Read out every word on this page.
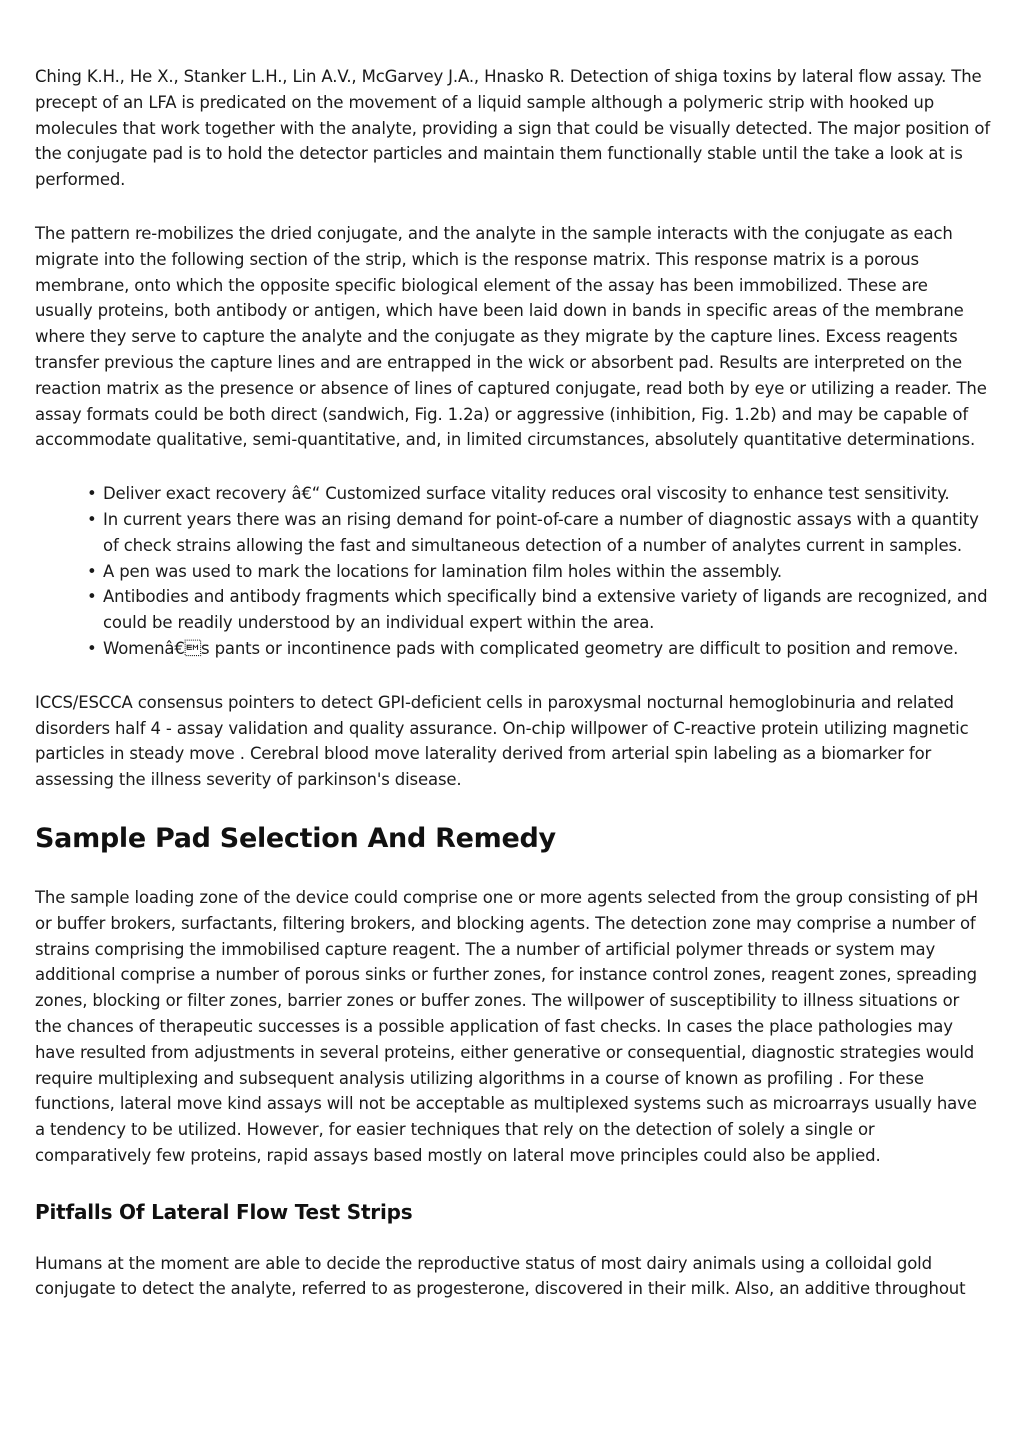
Ching K.H., He X., Stanker L.H., Lin A.V., McGarvey J.A., Hnasko R. Detection of shiga toxins by lateral flow assay. The precept of an LFA is predicated on the movement of a liquid sample although a polymeric strip with hooked up molecules that work together with the analyte, providing a sign that could be visually detected. The major position of the conjugate pad is to hold the detector particles and maintain them functionally stable until the take a look at is performed.

The pattern re-mobilizes the dried conjugate, and the analyte in the sample interacts with the conjugate as each migrate into the following section of the strip, which is the response matrix. This response matrix is a porous membrane, onto which the opposite specific biological element of the assay has been immobilized. These are usually proteins, both antibody or antigen, which have been laid down in bands in specific areas of the membrane where they serve to capture the analyte and the conjugate as they migrate by the capture lines. Excess reagents transfer previous the capture lines and are entrapped in the wick or absorbent pad. Results are interpreted on the reaction matrix as the presence or absence of lines of captured conjugate, read both by eye or utilizing a reader. The assay formats could be both direct (sandwich, Fig. 1.2a) or aggressive (inhibition, Fig. 1.2b) and may be capable of accommodate qualitative, semi-quantitative, and, in limited circumstances, absolutely quantitative determinations.

• Deliver exact recovery â€“ Customized surface vitality reduces oral viscosity to enhance test sensitivity.
• In current years there was an rising demand for point-of-care a number of diagnostic assays with a quantity of check strains allowing the fast and simultaneous detection of a number of analytes current in samples.
• A pen was used to mark the locations for lamination film holes within the assembly.
• Antibodies and antibody fragments which specifically bind a extensive variety of ligands are recognized, and could be readily understood by an individual expert within the area.
• Womenâ€s pants or incontinence pads with complicated geometry are difficult to position and remove.

ICCS/ESCCA consensus pointers to detect GPI-deficient cells in paroxysmal nocturnal hemoglobinuria and related disorders half 4 - assay validation and quality assurance. On-chip willpower of C-reactive protein utilizing magnetic particles in steady move . Cerebral blood move laterality derived from arterial spin labeling as a biomarker for assessing the illness severity of parkinson's disease.

Sample Pad Selection And Remedy

The sample loading zone of the device could comprise one or more agents selected from the group consisting of pH or buffer brokers, surfactants, filtering brokers, and blocking agents. The detection zone may comprise a number of strains comprising the immobilised capture reagent. The a number of artificial polymer threads or system may additional comprise a number of porous sinks or further zones, for instance control zones, reagent zones, spreading zones, blocking or filter zones, barrier zones or buffer zones. The willpower of susceptibility to illness situations or the chances of therapeutic successes is a possible application of fast checks. In cases the place pathologies may have resulted from adjustments in several proteins, either generative or consequential, diagnostic strategies would require multiplexing and subsequent analysis utilizing algorithms in a course of known as profiling . For these functions, lateral move kind assays will not be acceptable as multiplexed systems such as microarrays usually have a tendency to be utilized. However, for easier techniques that rely on the detection of solely a single or comparatively few proteins, rapid assays based mostly on lateral move principles could also be applied.

Pitfalls Of Lateral Flow Test Strips

Humans at the moment are able to decide the reproductive status of most dairy animals using a colloidal gold conjugate to detect the analyte, referred to as progesterone, discovered in their milk. Also, an additive throughout
